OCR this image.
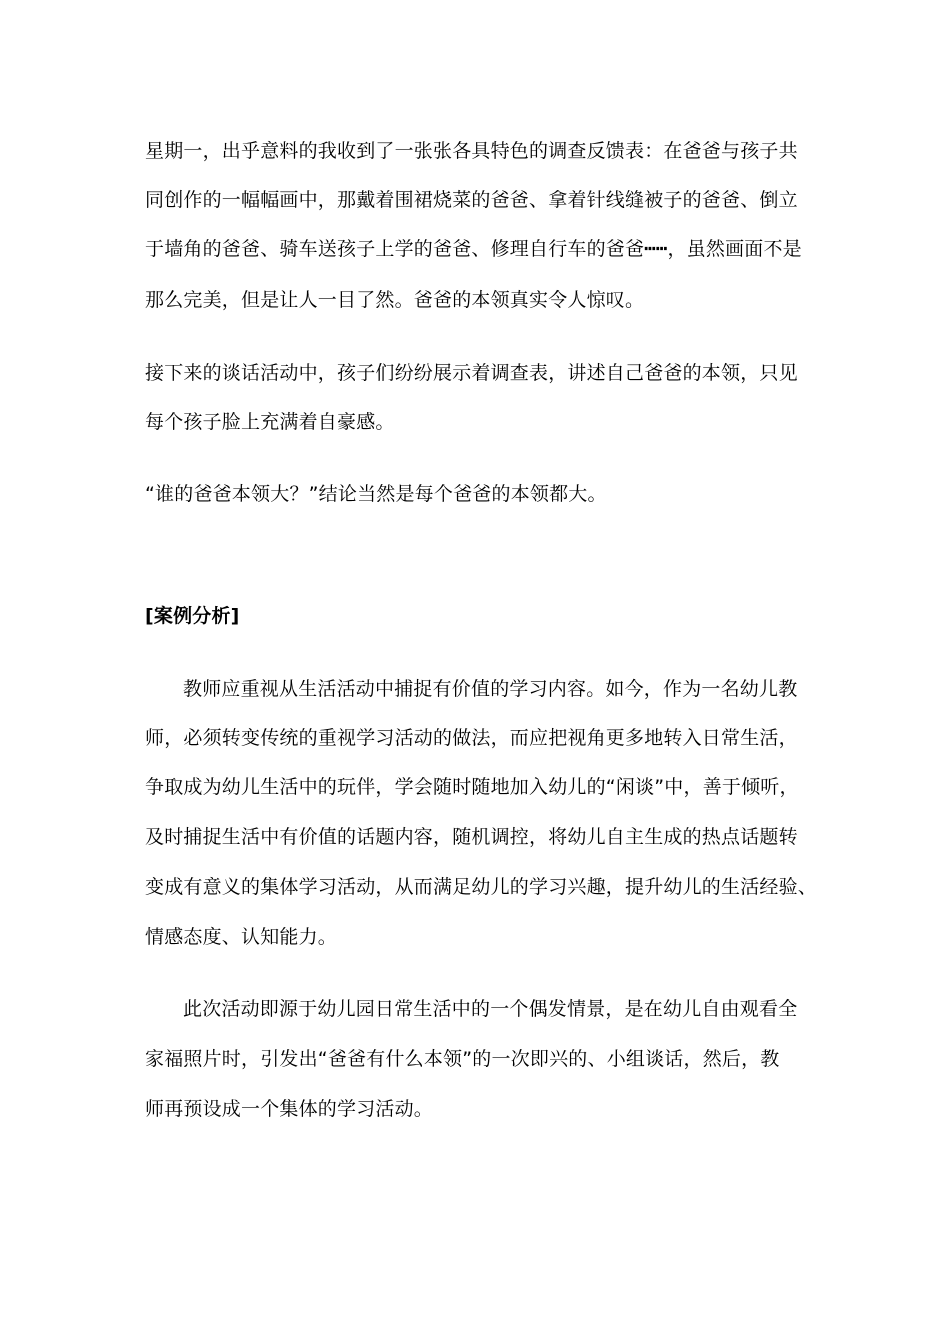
星期一，出乎意料的我收到了一张张各具特色的调查反馈表：在爸爸与孩子共
同创作的一幅幅画中，那戴着围裙烧菜的爸爸、拿着针线缝被子的爸爸、倒立
于墙角的爸爸、骑车送孩子上学的爸爸、修理自行车的爸爸┅┅，虽然画面不是
那么完美，但是让人一目了然。爸爸的本领真实令人惊叹。
接下来的谈话活动中，孩子们纷纷展示着调查表，讲述自己爸爸的本领，只见
每个孩子脸上充满着自豪感。
“谁的爸爸本领大？”结论当然是每个爸爸的本领都大。
[案例分析]
教师应重视从生活活动中捕捉有价值的学习内容。如今，作为一名幼儿教
师，必须转变传统的重视学习活动的做法，而应把视角更多地转入日常生活，
争取成为幼儿生活中的玩伴，学会随时随地加入幼儿的“闲谈”中，善于倾听，
及时捕捉生活中有价值的话题内容，随机调控，将幼儿自主生成的热点话题转
变成有意义的集体学习活动，从而满足幼儿的学习兴趣，提升幼儿的生活经验、
情感态度、认知能力。
此次活动即源于幼儿园日常生活中的一个偶发情景，是在幼儿自由观看全
家福照片时，引发出“爸爸有什么本领”的一次即兴的、小组谈话，然后，教
师再预设成一个集体的学习活动。
